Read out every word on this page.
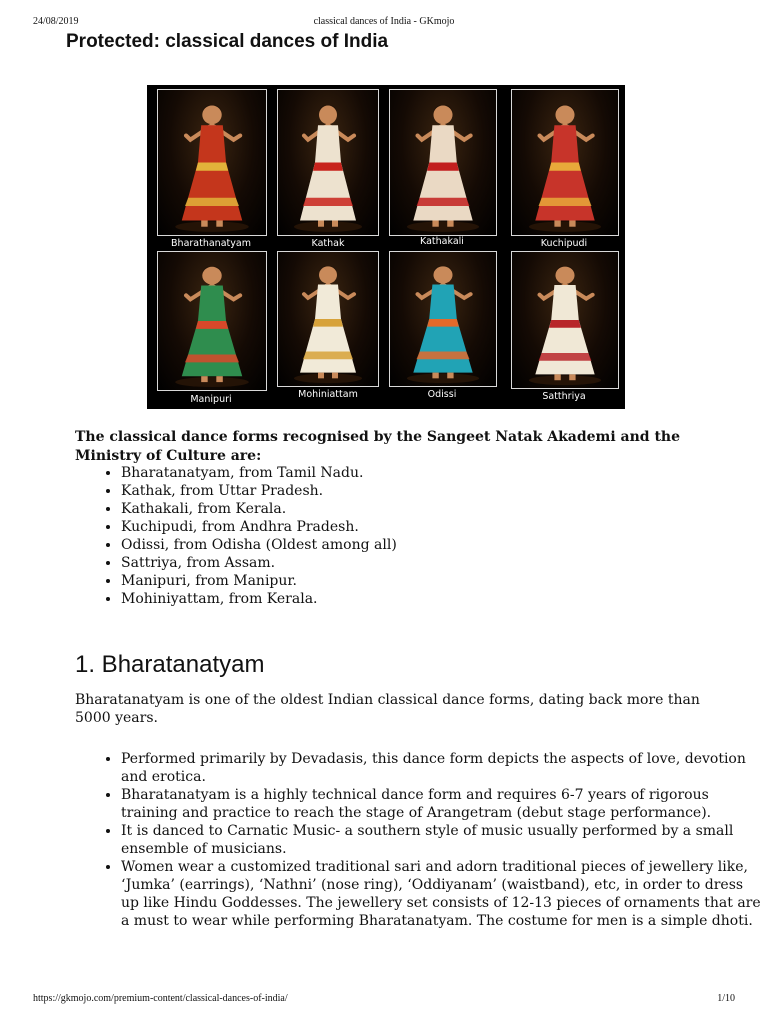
24/08/2019	classical dances of India - GKmojo
Protected: classical dances of India
Bharathanatyam	Kathak	Kathakali	Kuchipudi
Manipuri	Mohiniattam	Odissi	Satthriya

The classical dance forms recognised by the Sangeet Natak Akademi and the Ministry of Culture are:

• Bharatanatyam, from Tamil Nadu.
• Kathak, from Uttar Pradesh.
• Kathakali, from Kerala.
• Kuchipudi, from Andhra Pradesh.
• Odissi, from Odisha (Oldest among all)
• Sattriya, from Assam.
• Manipuri, from Manipur.
• Mohiniyattam, from Kerala.
1. Bharatanatyam

Bharatanatyam is one of the oldest Indian classical dance forms, dating back more than 5000 years.

• Performed primarily by Devadasis, this dance form depicts the aspects of love, devotion and erotica.
• Bharatanatyam is a highly technical dance form and requires 6-7 years of rigorous training and practice to reach the stage of Arangetram (debut stage performance).
• It is danced to Carnatic Music- a southern style of music usually performed by a small ensemble of musicians.
• Women wear a customized traditional sari and adorn traditional pieces of jewellery like, ‘Jumka’ (earrings), ‘Nathni’ (nose ring), ‘Oddiyanam’ (waistband), etc, in order to dress up like Hindu Goddesses. The jewellery set consists of 12-13 pieces of ornaments that are a must to wear while performing Bharatanatyam. The costume for men is a simple dhoti.
https://gkmojo.com/premium-content/classical-dances-of-india/	1/10
